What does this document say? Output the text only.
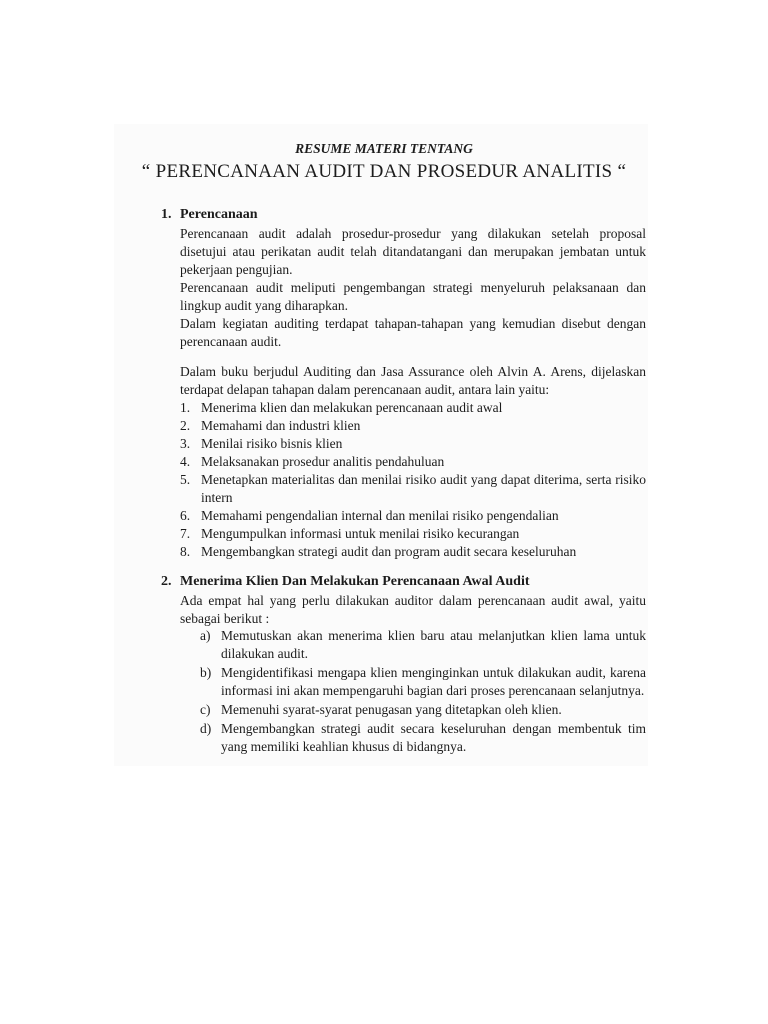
RESUME MATERI TENTANG

“ PERENCANAAN AUDIT DAN PROSEDUR ANALITIS “
1. Perencanaan

Perencanaan audit adalah prosedur-prosedur yang dilakukan setelah proposal disetujui atau perikatan audit telah ditandatangani dan merupakan jembatan untuk pekerjaan pengujian.

Perencanaan audit meliputi pengembangan strategi menyeluruh pelaksanaan dan lingkup audit yang diharapkan.

Dalam kegiatan auditing terdapat tahapan-tahapan yang kemudian disebut dengan perencanaan audit.

Dalam buku berjudul Auditing dan Jasa Assurance oleh Alvin A. Arens, dijelaskan terdapat delapan tahapan dalam perencanaan audit, antara lain yaitu:

1. Menerima klien dan melakukan perencanaan audit awal
2. Memahami dan industri klien
3. Menilai risiko bisnis klien
4. Melaksanakan prosedur analitis pendahuluan
5. Menetapkan materialitas dan menilai risiko audit yang dapat diterima, serta risiko intern
6. Memahami pengendalian internal dan menilai risiko pengendalian
7. Mengumpulkan informasi untuk menilai risiko kecurangan
8. Mengembangkan strategi audit dan program audit secara keseluruhan
2. Menerima Klien Dan Melakukan Perencanaan Awal Audit

Ada empat hal yang perlu dilakukan auditor dalam perencanaan audit awal, yaitu sebagai berikut :

a) Memutuskan akan menerima klien baru atau melanjutkan klien lama untuk dilakukan audit.
b) Mengidentifikasi mengapa klien menginginkan untuk dilakukan audit, karena informasi ini akan mempengaruhi bagian dari proses perencanaan selanjutnya.
c) Memenuhi syarat-syarat penugasan yang ditetapkan oleh klien.
d) Mengembangkan strategi audit secara keseluruhan dengan membentuk tim yang memiliki keahlian khusus di bidangnya.
